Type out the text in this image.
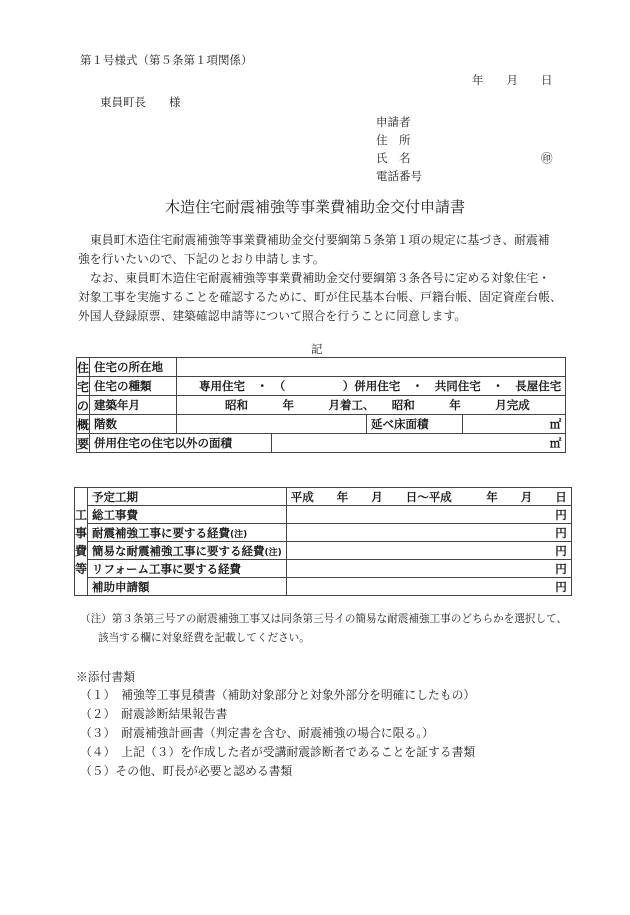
第１号様式（第５条第１項関係）
年　　月　　日
東員町長　　様
申請者
住　所
氏　名	㊞
電話番号
木造住宅耐震補強等事業費補助金交付申請書
東員町木造住宅耐震補強等事業費補助金交付要綱第５条第１項の規定に基づき、耐震補
強を行いたいので、下記のとおり申請します。
なお、東員町木造住宅耐震補強等事業費補助金交付要綱第３条各号に定める対象住宅・
対象工事を実施することを確認するために、町が住民基本台帳、戸籍台帳、固定資産台帳、
外国人登録原票、建築確認申請等について照合を行うことに同意します。
記
住	住宅の所在地				
宅	住宅の種類	専用住宅　・　（　　　　　）併用住宅　・　共同住宅　・　長屋住宅			
の	建築年月	昭和　　　年　　　月着工、　　昭和　　　年　　　月完成			
概	階数			延べ床面積	㎡
要	併用住宅の住宅以外の面積		㎡		
	予定工期	平成　　年　　月　　日～平成　　　年　　月　　日
工	総工事費	円
事	耐震補強工事に要する経費(注)	円
費	簡易な耐震補強工事に要する経費(注)	円
等	リフォーム工事に要する経費	円
	補助申請額	円
（注）第３条第三号アの耐震補強工事又は同条第三号イの簡易な耐震補強工事のどちらかを選択して、
該当する欄に対象経費を記載してください。
※添付書類
（１）　補強等工事見積書（補助対象部分と対象外部分を明確にしたもの）
（２）　耐震診断結果報告書
（３）　耐震補強計画書（判定書を含む、耐震補強の場合に限る。）
（４）　上記（３）を作成した者が受講耐震診断者であることを証する書類
（５）その他、町長が必要と認める書類
